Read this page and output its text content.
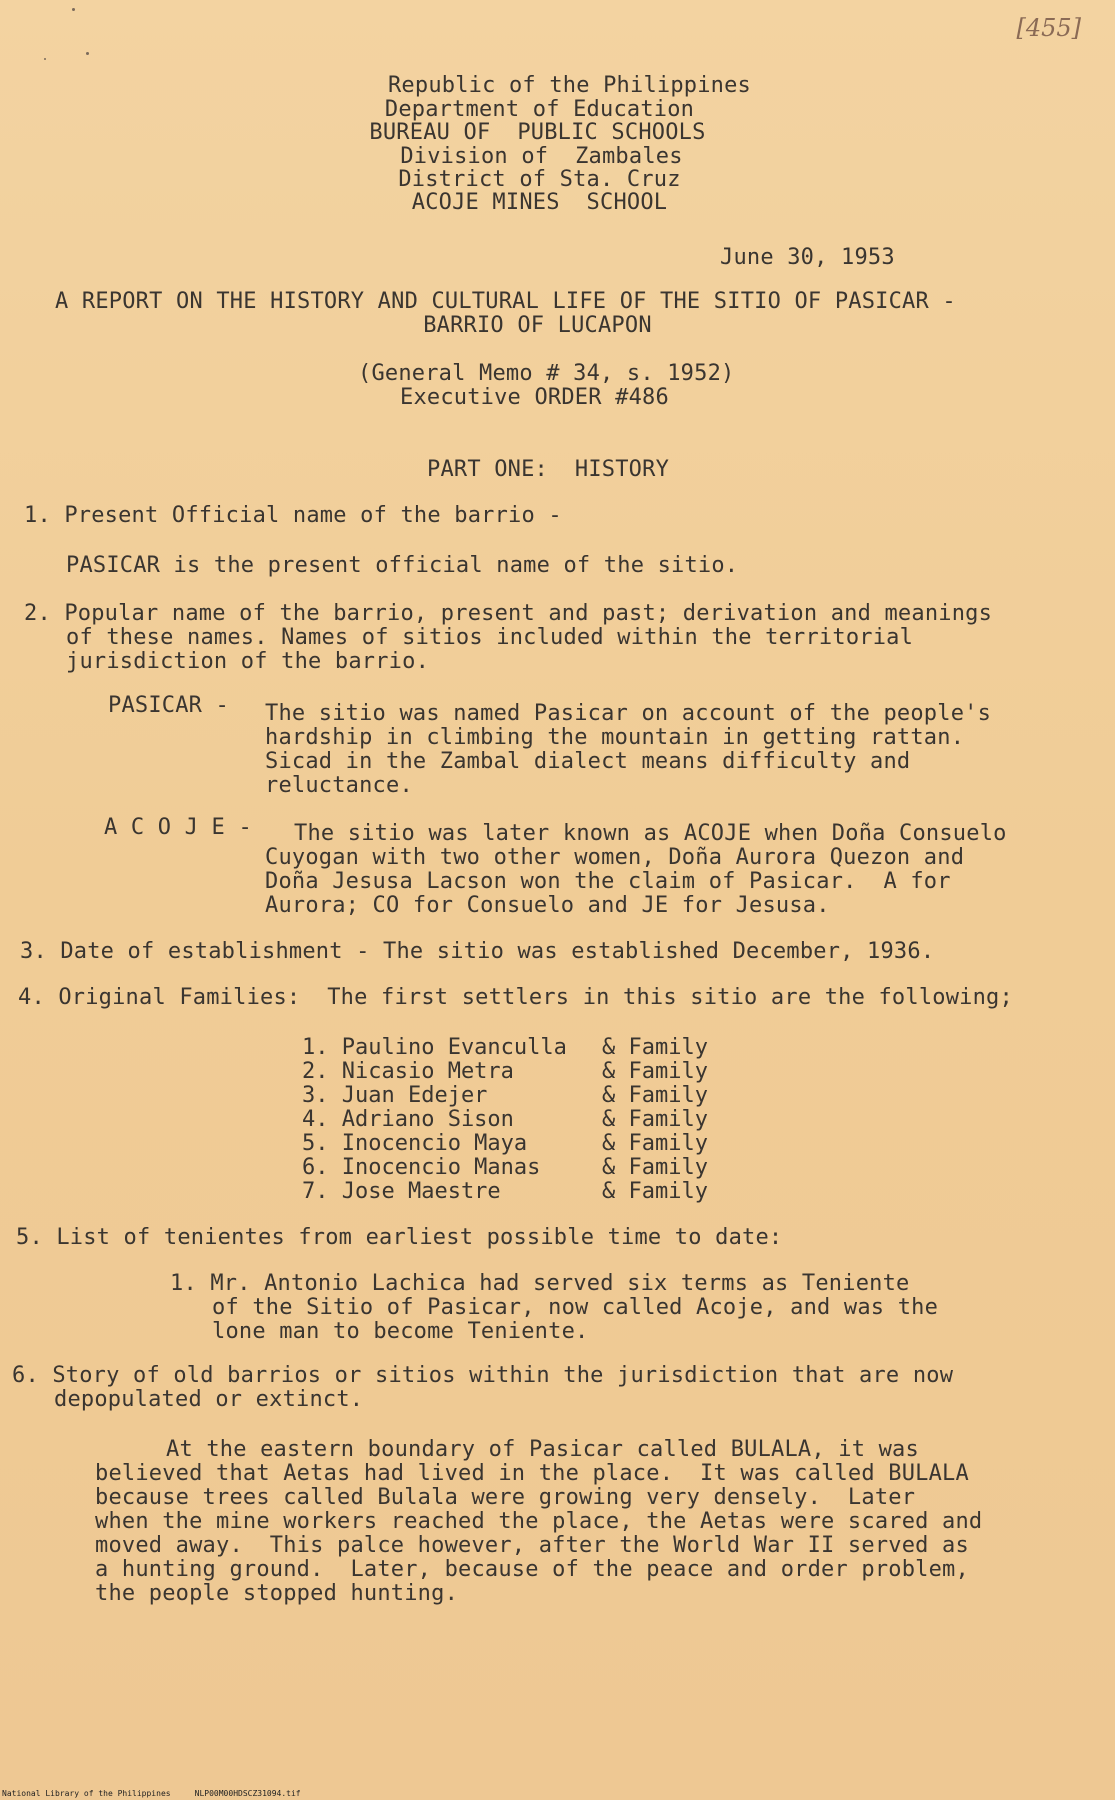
[455]
Republic of the Philippines
Department of Education
BUREAU OF  PUBLIC SCHOOLS
Division of  Zambales
District of Sta. Cruz
ACOJE MINES  SCHOOL
June 30, 1953
A REPORT ON THE HISTORY AND CULTURAL LIFE OF THE SITIO OF PASICAR -
BARRIO OF LUCAPON
(General Memo # 34, s. 1952)
Executive ORDER #486
PART ONE:  HISTORY
1. Present Official name of the barrio -
PASICAR is the present official name of the sitio.
2. Popular name of the barrio, present and past; derivation and meanings
of these names. Names of sitios included within the territorial
jurisdiction of the barrio.
PASICAR - The sitio was named Pasicar on account of the people's
hardship in climbing the mountain in getting rattan.
Sicad in the Zambal dialect means difficulty and
reluctance.
A C O J E - The sitio was later known as ACOJE when Doña Consuelo
Cuyogan with two other women, Doña Aurora Quezon and
Doña Jesusa Lacson won the claim of Pasicar.  A for
Aurora; CO for Consuelo and JE for Jesusa.
3. Date of establishment - The sitio was established December, 1936.
4. Original Families:  The first settlers in this sitio are the following;
1. Paulino Evanculla & Family
2. Nicasio Metra	& Family
3. Juan Edejer	& Family
4. Adriano Sison	& Family
5. Inocencio Maya	& Family
6. Inocencio Manas	& Family
7. Jose Maestre	& Family
5. List of tenientes from earliest possible time to date:
1. Mr. Antonio Lachica had served six terms as Teniente
of the Sitio of Pasicar, now called Acoje, and was the
lone man to become Teniente.
6. Story of old barrios or sitios within the jurisdiction that are now
depopulated or extinct.
At the eastern boundary of Pasicar called BULALA, it was
believed that Aetas had lived in the place.  It was called BULALA
because trees called Bulala were growing very densely.  Later
when the mine workers reached the place, the Aetas were scared and
moved away.  This palce however, after the World War II served as
a hunting ground.  Later, because of the peace and order problem,
the people stopped hunting.
National Library of the Philippines     NLP00M00HDSCZ31094.tif
